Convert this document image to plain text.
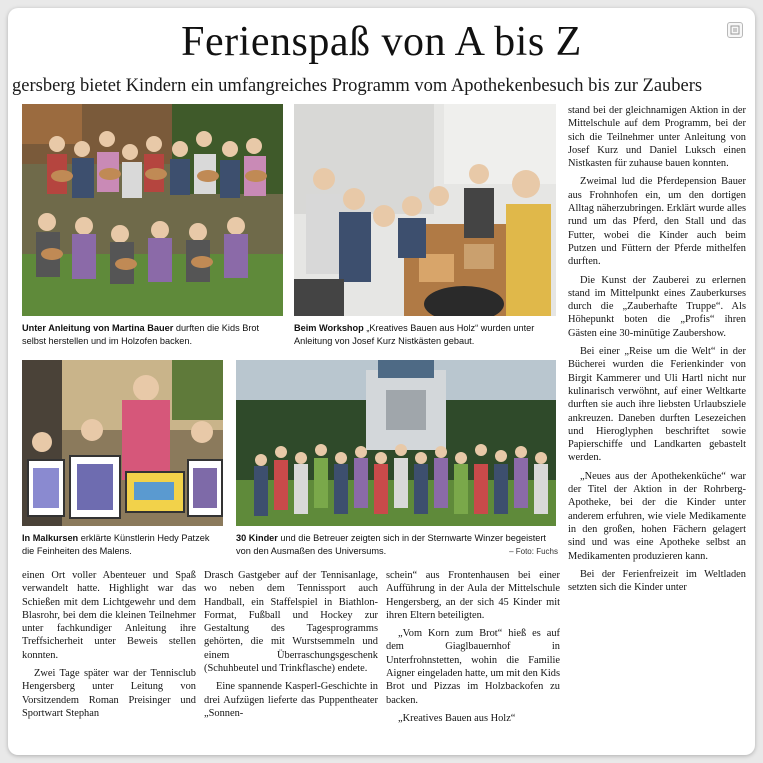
Ferienspaß von A bis Z
gersberg bietet Kindern ein umfangreiches Programm vom Apothekenbesuch bis zur Zaubers
Unter Anleitung von Martina Bauer durften die Kids Brot selbst herstellen und im Holzofen backen.
Beim Workshop „Kreatives Bauen aus Holz“ wurden unter Anleitung von Josef Kurz Nistkästen gebaut.
In Malkursen erklärte Künstlerin Hedy Patzek die Feinheiten des Malens.
30 Kinder und die Betreuer zeigten sich in der Sternwarte Winzer begeistert von den Ausmaßen des Universums.	– Foto: Fuchs

stand bei der gleichnamigen Aktion in der Mittelschule auf dem Programm, bei der sich die Teilnehmer unter Anleitung von Josef Kurz und Daniel Luksch einen Nistkasten für zuhause bauen konnten.

Zweimal lud die Pferdepension Bauer aus Frohnhofen ein, um den dortigen Alltag näherzubringen. Erklärt wurde alles rund um das Pferd, den Stall und das Futter, wobei die Kinder auch beim Putzen und Füttern der Pferde mithelfen durften.

Die Kunst der Zauberei zu erlernen stand im Mittelpunkt eines Zauberkurses durch die „Zauberhafte Truppe“. Als Höhepunkt boten die „Profis“ ihren Gästen eine 30-minütige Zaubershow.

Bei einer „Reise um die Welt“ in der Bücherei wurden die Ferienkinder von Birgit Kammerer und Uli Hartl nicht nur kulinarisch verwöhnt, auf einer Weltkarte durften sie auch ihre liebsten Urlaubsziele ankreuzen. Daneben durften Lesezeichen und Hieroglyphen beschriftet sowie Papierschiffe und Landkarten gebastelt werden.

„Neues aus der Apothekenküche“ war der Titel der Aktion in der Rohrberg-Apotheke, bei der die Kinder unter anderem erfuhren, wie viele Medikamente in den großen, hohen Fächern gelagert sind und was eine Apotheke selbst an Medikamenten produzieren kann.

Bei der Ferienfreizeit im Weltladen setzten sich die Kinder unter

einen Ort voller Abenteuer und Spaß verwandelt hatte. Highlight war das Schießen mit dem Lichtgewehr und dem Blasrohr, bei dem die kleinen Teilnehmer unter fachkundiger Anleitung ihre Treffsicherheit unter Beweis stellen konnten.

Zwei Tage später war der Tennisclub Hengersberg unter Leitung von Vorsitzendem Roman Preisinger und Sportwart Stephan

Drasch Gastgeber auf der Tennisanlage, wo neben dem Tennissport auch Handball, ein Staffelspiel in Biathlon-Format, Fußball und Hockey zur Gestaltung des Tagesprogramms gehörten, die mit Wurstsemmeln und einem Überraschungsgeschenk (Schuhbeutel und Trinkflasche) endete.

Eine spannende Kasperl-Geschichte in drei Aufzügen lieferte das Puppentheater „Sonnen-

schein“ aus Frontenhausen bei einer Aufführung in der Aula der Mittelschule Hengersberg, an der sich 45 Kinder mit ihren Eltern beteiligten.

„Vom Korn zum Brot“ hieß es auf dem Giaglbauernhof in Unterfrohnstetten, wohin die Familie Aigner eingeladen hatte, um mit den Kids Brot und Pizzas im Holzbackofen zu backen.

„Kreatives Bauen aus Holz“
